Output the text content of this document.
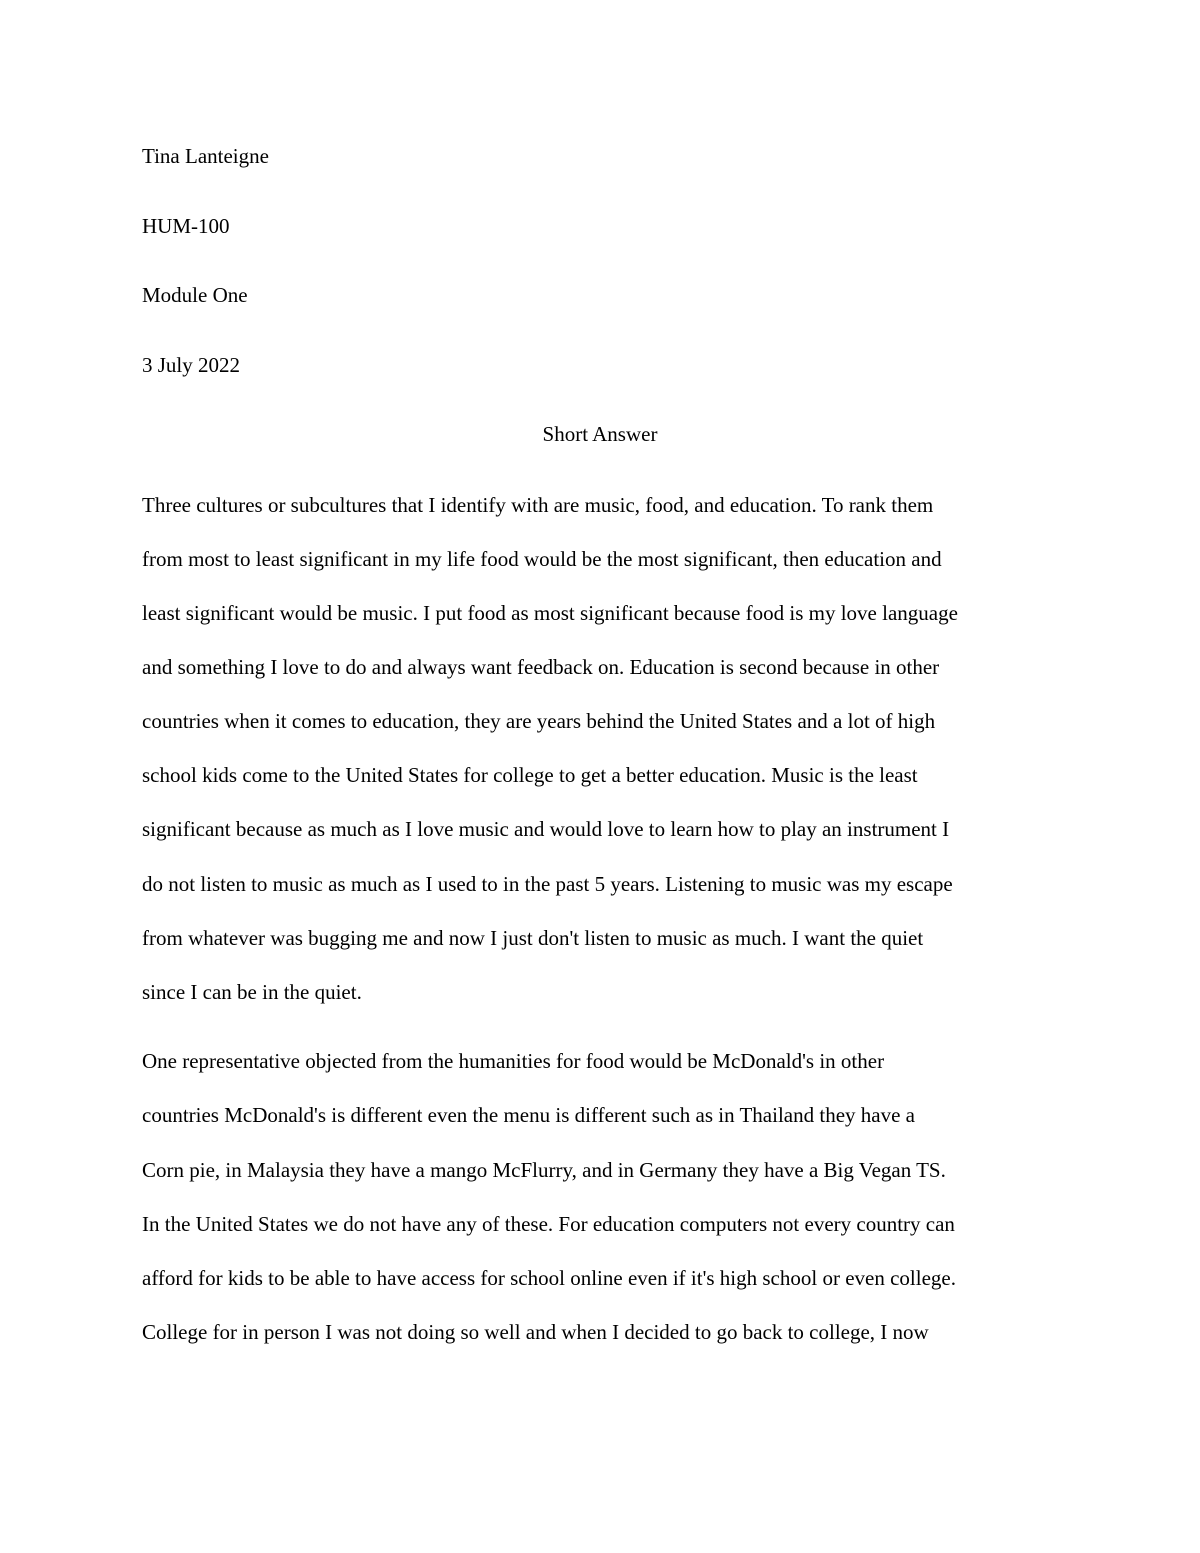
Tina Lanteigne
HUM-100
Module One
3 July 2022
Short Answer
Three cultures or subcultures that I identify with are music, food, and education. To rank them
from most to least significant in my life food would be the most significant, then education and
least significant would be music. I put food as most significant because food is my love language
and something I love to do and always want feedback on. Education is second because in other
countries when it comes to education, they are years behind the United States and a lot of high
school kids come to the United States for college to get a better education. Music is the least
significant because as much as I love music and would love to learn how to play an instrument I
do not listen to music as much as I used to in the past 5 years. Listening to music was my escape
from whatever was bugging me and now I just don't listen to music as much. I want the quiet
since I can be in the quiet.
One representative objected from the humanities for food would be McDonald's in other
countries McDonald's is different even the menu is different such as in Thailand they have a
Corn pie, in Malaysia they have a mango McFlurry, and in Germany they have a Big Vegan TS.
In the United States we do not have any of these. For education computers not every country can
afford for kids to be able to have access for school online even if it's high school or even college.
College for in person I was not doing so well and when I decided to go back to college, I now
